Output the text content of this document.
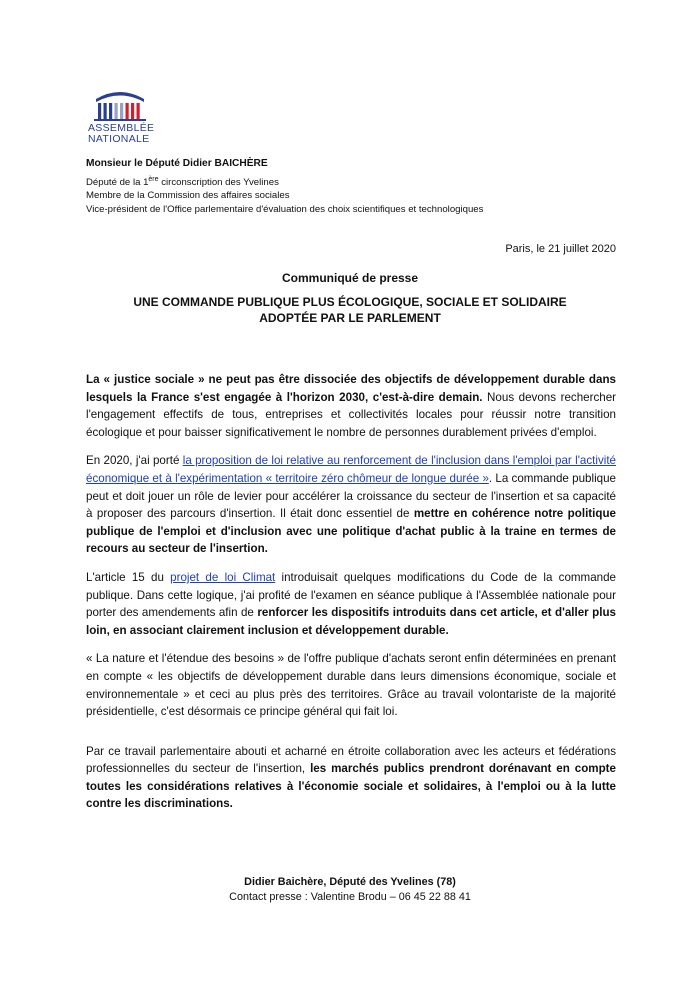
ASSEMBLÉE
NATIONALE
Monsieur le Député Didier BAICHÈRE
Député de la 1ère circonscription des Yvelines
Membre de la Commission des affaires sociales
Vice-président de l'Office parlementaire d'évaluation des choix scientifiques et technologiques
Paris, le 21 juillet 2020
Communiqué de presse
UNE COMMANDE PUBLIQUE PLUS ÉCOLOGIQUE, SOCIALE ET SOLIDAIRE
ADOPTÉE PAR LE PARLEMENT

La « justice sociale » ne peut pas être dissociée des objectifs de développement durable dans lesquels la France s'est engagée à l'horizon 2030, c'est-à-dire demain. Nous devons rechercher l'engagement effectifs de tous, entreprises et collectivités locales pour réussir notre transition écologique et pour baisser significativement le nombre de personnes durablement privées d'emploi.

En 2020, j'ai porté la proposition de loi relative au renforcement de l'inclusion dans l'emploi par l'activité économique et à l'expérimentation « territoire zéro chômeur de longue durée ». La commande publique peut et doit jouer un rôle de levier pour accélérer la croissance du secteur de l'insertion et sa capacité à proposer des parcours d'insertion. Il était donc essentiel de mettre en cohérence notre politique publique de l'emploi et d'inclusion avec une politique d'achat public à la traine en termes de recours au secteur de l'insertion.

L'article 15 du projet de loi Climat introduisait quelques modifications du Code de la commande publique. Dans cette logique, j'ai profité de l'examen en séance publique à l'Assemblée nationale pour porter des amendements afin de renforcer les dispositifs introduits dans cet article, et d'aller plus loin, en associant clairement inclusion et développement durable.

« La nature et l'étendue des besoins » de l'offre publique d'achats seront enfin déterminées en prenant en compte « les objectifs de développement durable dans leurs dimensions économique, sociale et environnementale » et ceci au plus près des territoires. Grâce au travail volontariste de la majorité présidentielle, c'est désormais ce principe général qui fait loi.

Par ce travail parlementaire abouti et acharné en étroite collaboration avec les acteurs et fédérations professionnelles du secteur de l'insertion, les marchés publics prendront dorénavant en compte toutes les considérations relatives à l'économie sociale et solidaires, à l'emploi ou à la lutte contre les discriminations.

Didier Baichère, Député des Yvelines (78)
Contact presse : Valentine Brodu – 06 45 22 88 41
